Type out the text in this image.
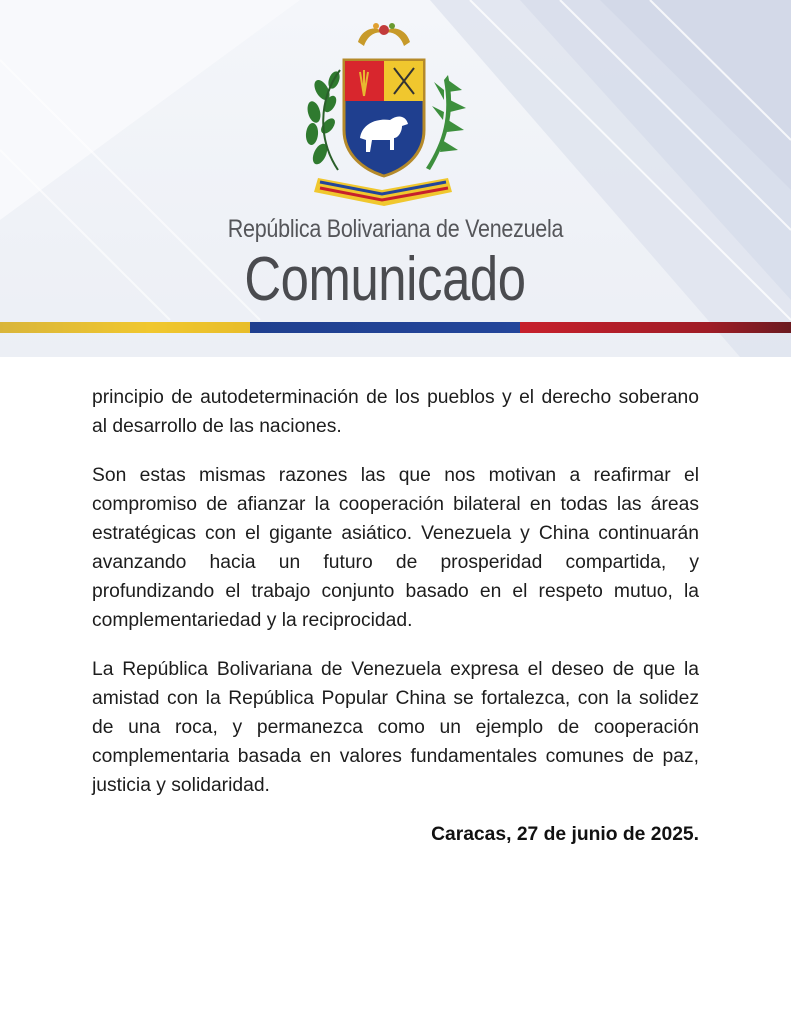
República Bolivariana de Venezuela
Comunicado

principio de autodeterminación de los pueblos y el derecho soberano al desarrollo de las naciones.

Son estas mismas razones las que nos motivan a reafirmar el compromiso de afianzar la cooperación bilateral en todas las áreas estratégicas con el gigante asiático. Venezuela y China continuarán avanzando hacia un futuro de prosperidad compartida, y profundizando el trabajo conjunto basado en el respeto mutuo, la complementariedad y la reciprocidad.

La República Bolivariana de Venezuela expresa el deseo de que la amistad con la República Popular China se fortalezca, con la solidez de una roca, y permanezca como un ejemplo de cooperación complementaria basada en valores fundamentales comunes de paz, justicia y solidaridad.

Caracas, 27 de junio de 2025.
